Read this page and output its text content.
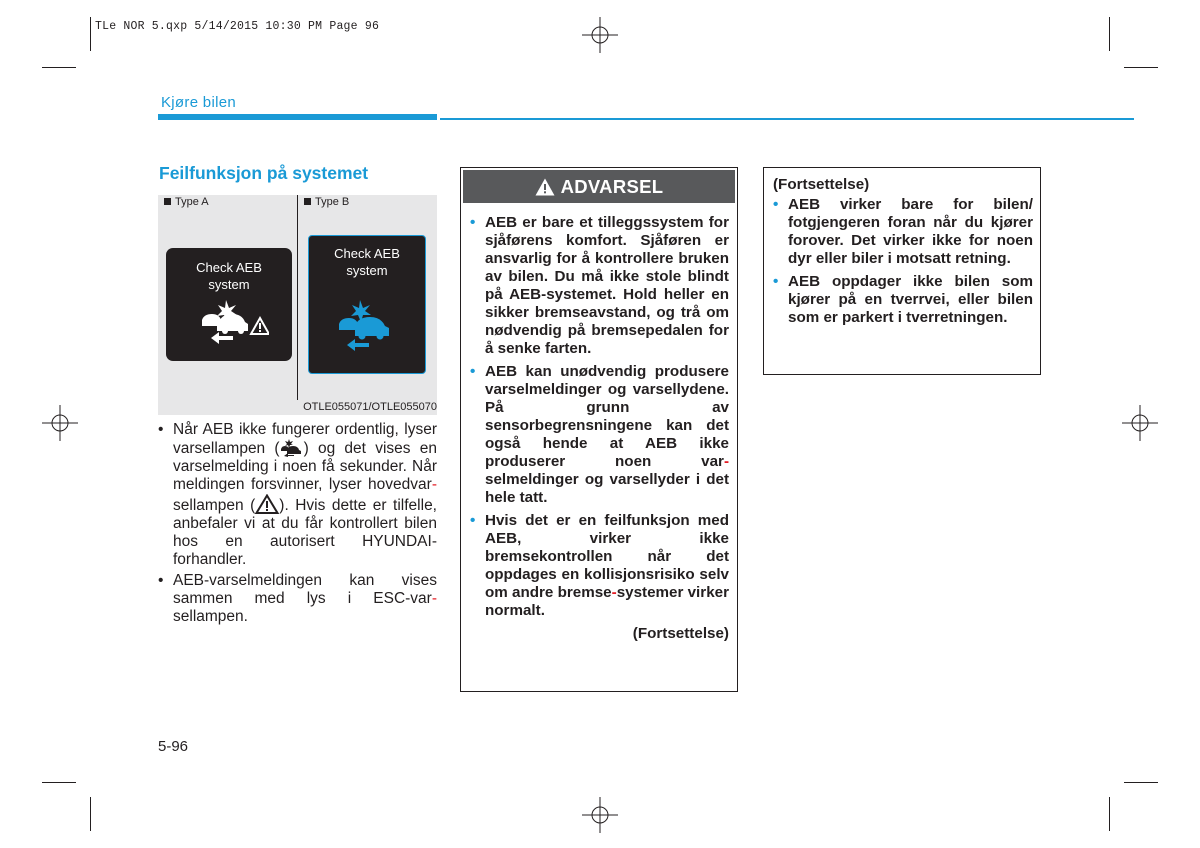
TLe NOR 5.qxp 5/14/2015 10:30 PM Page 96
Kjøre bilen
Feilfunksjon på systemet
Type A	Type B
Check AEB
system
Check AEB
system
OTLE055071/OTLE055070
• Når AEB ikke fungerer ordentlig, lyser varsellampen ( ) og det vises en varselmelding i noen få sekunder. Når meldingen forsvinner, lyser hovedvar-sellampen ( ). Hvis dette er tilfelle, anbefaler vi at du får kontrollert bilen hos en autorisert HYUNDAI-forhandler.
• AEB-varselmeldingen kan vises sammen med lys i ESC-var-sellampen.
ADVARSEL
• AEB er bare et tilleggssystem for sjåførens komfort. Sjåføren er ansvarlig for å kontrollere bruken av bilen. Du må ikke stole blindt på AEB-systemet. Hold heller en sikker bremseavstand, og trå om nødvendig på bremsepedalen for å senke farten.
• AEB kan unødvendig produsere varselmeldinger og varsellydene. På grunn av sensorbegrensningene kan det også hende at AEB ikke produserer noen var-selmeldinger og varsellyder i det hele tatt.
• Hvis det er en feilfunksjon med AEB, virker ikke bremsekontrollen når det oppdages en kollisjonsrisiko selv om andre bremse-systemer virker normalt.
(Fortsettelse)
(Fortsettelse)
• AEB virker bare for bilen/ fotgjengeren foran når du kjører forover. Det virker ikke for noen dyr eller biler i motsatt retning.
• AEB oppdager ikke bilen som kjører på en tverrvei, eller bilen som er parkert i tverretningen.
5-96
